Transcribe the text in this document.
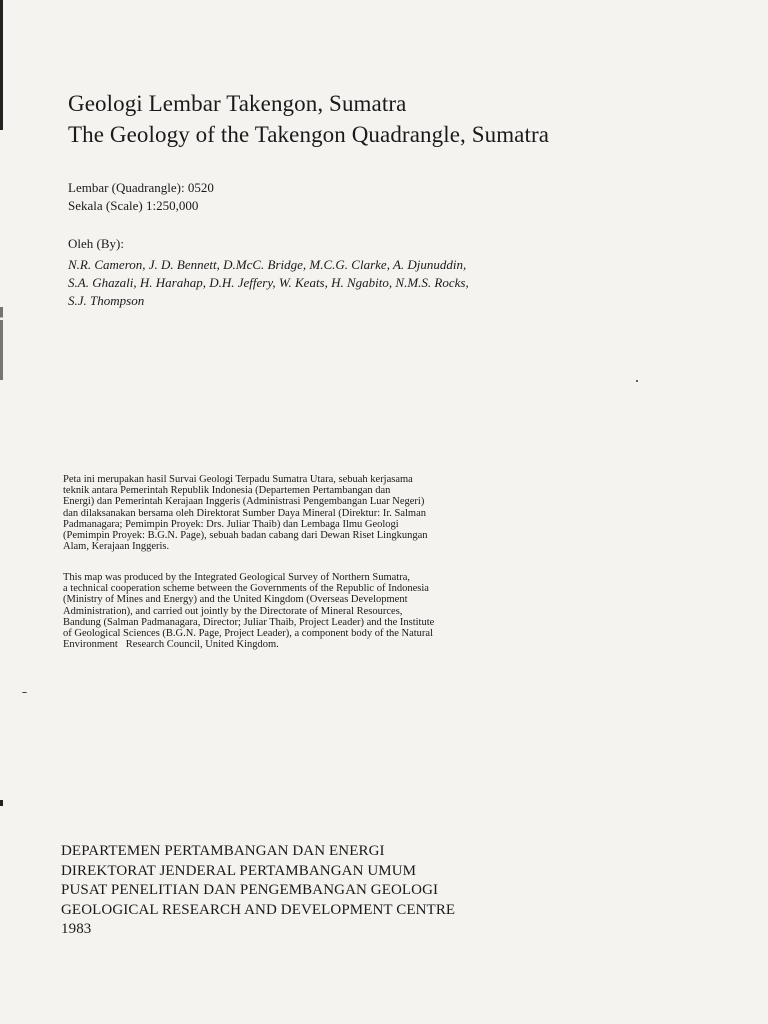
Geologi Lembar Takengon, Sumatra
The Geology of the Takengon Quadrangle, Sumatra
Lembar (Quadrangle): 0520
Sekala (Scale) 1:250,000
Oleh (By):
N.R. Cameron, J. D. Bennett, D.McC. Bridge, M.C.G. Clarke, A. Djunuddin,
S.A. Ghazali, H. Harahap, D.H. Jeffery, W. Keats, H. Ngabito, N.M.S. Rocks,
S.J. Thompson
Peta ini merupakan hasil Survai Geologi Terpadu Sumatra Utara, sebuah kerjasama
teknik antara Pemerintah Republik Indonesia (Departemen Pertambangan dan
Energi) dan Pemerintah Kerajaan Inggeris (Administrasi Pengembangan Luar Negeri)
dan dilaksanakan bersama oleh Direktorat Sumber Daya Mineral (Direktur: Ir. Salman
Padmanagara; Pemimpin Proyek: Drs. Juliar Thaib) dan Lembaga Ilmu Geologi
(Pemimpin Proyek: B.G.N. Page), sebuah badan cabang dari Dewan Riset Lingkungan
Alam, Kerajaan Inggeris.
This map was produced by the Integrated Geological Survey of Northern Sumatra,
a technical cooperation scheme between the Governments of the Republic of Indonesia
(Ministry of Mines and Energy) and the United Kingdom (Overseas Development
Administration), and carried out jointly by the Directorate of Mineral Resources,
Bandung (Salman Padmanagara, Director; Juliar Thaib, Project Leader) and the Institute
of Geological Sciences (B.G.N. Page, Project Leader), a component body of the Natural
Environment   Research Council, United Kingdom.
DEPARTEMEN PERTAMBANGAN DAN ENERGI
DIREKTORAT JENDERAL PERTAMBANGAN UMUM
PUSAT PENELITIAN DAN PENGEMBANGAN GEOLOGI
GEOLOGICAL RESEARCH AND DEVELOPMENT CENTRE
1983
